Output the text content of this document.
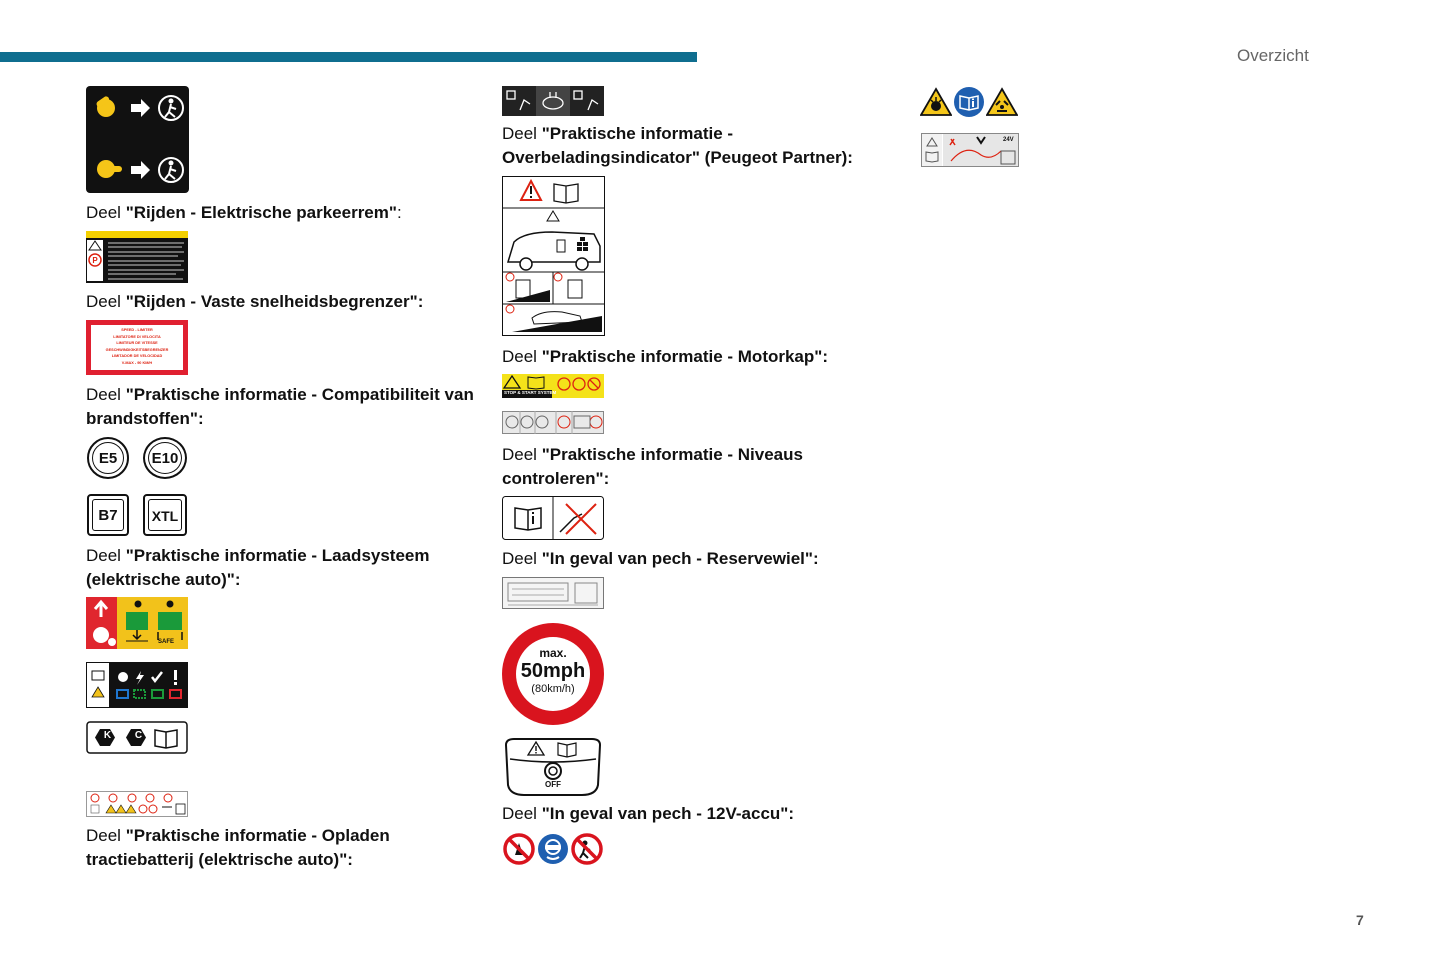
Overzicht
7
Deel "Rijden - Elektrische parkeerrem":
P
Deel "Rijden - Vaste snelheidsbegrenzer":
SPEED - LIMITER
LIMITATORE DI VELOCITA
LIMITEUR DE VITESSE
GESCHWINDIGKEITSBEGRENZER
LIMITADOR DE VELOCIDAD
V-MAX - 90 KM/H
Deel "Praktische informatie - Compatibiliteit van brandstoffen":
E5	E10
B7	XTL
Deel "Praktische informatie - Laadsysteem (elektrische auto)":
SAFE
K	C
Deel "Praktische informatie - Opladen tractiebatterij (elektrische auto)":
Deel "Praktische informatie - Overbeladingsindicator" (Peugeot Partner):
Deel "Praktische informatie - Motorkap":
STOP & START SYSTEM
Deel "Praktische informatie - Niveaus controleren":
Deel "In geval van pech - Reservewiel":
max.
50mph
(80km/h)
OFF
Deel "In geval van pech - 12V-accu":
24V
